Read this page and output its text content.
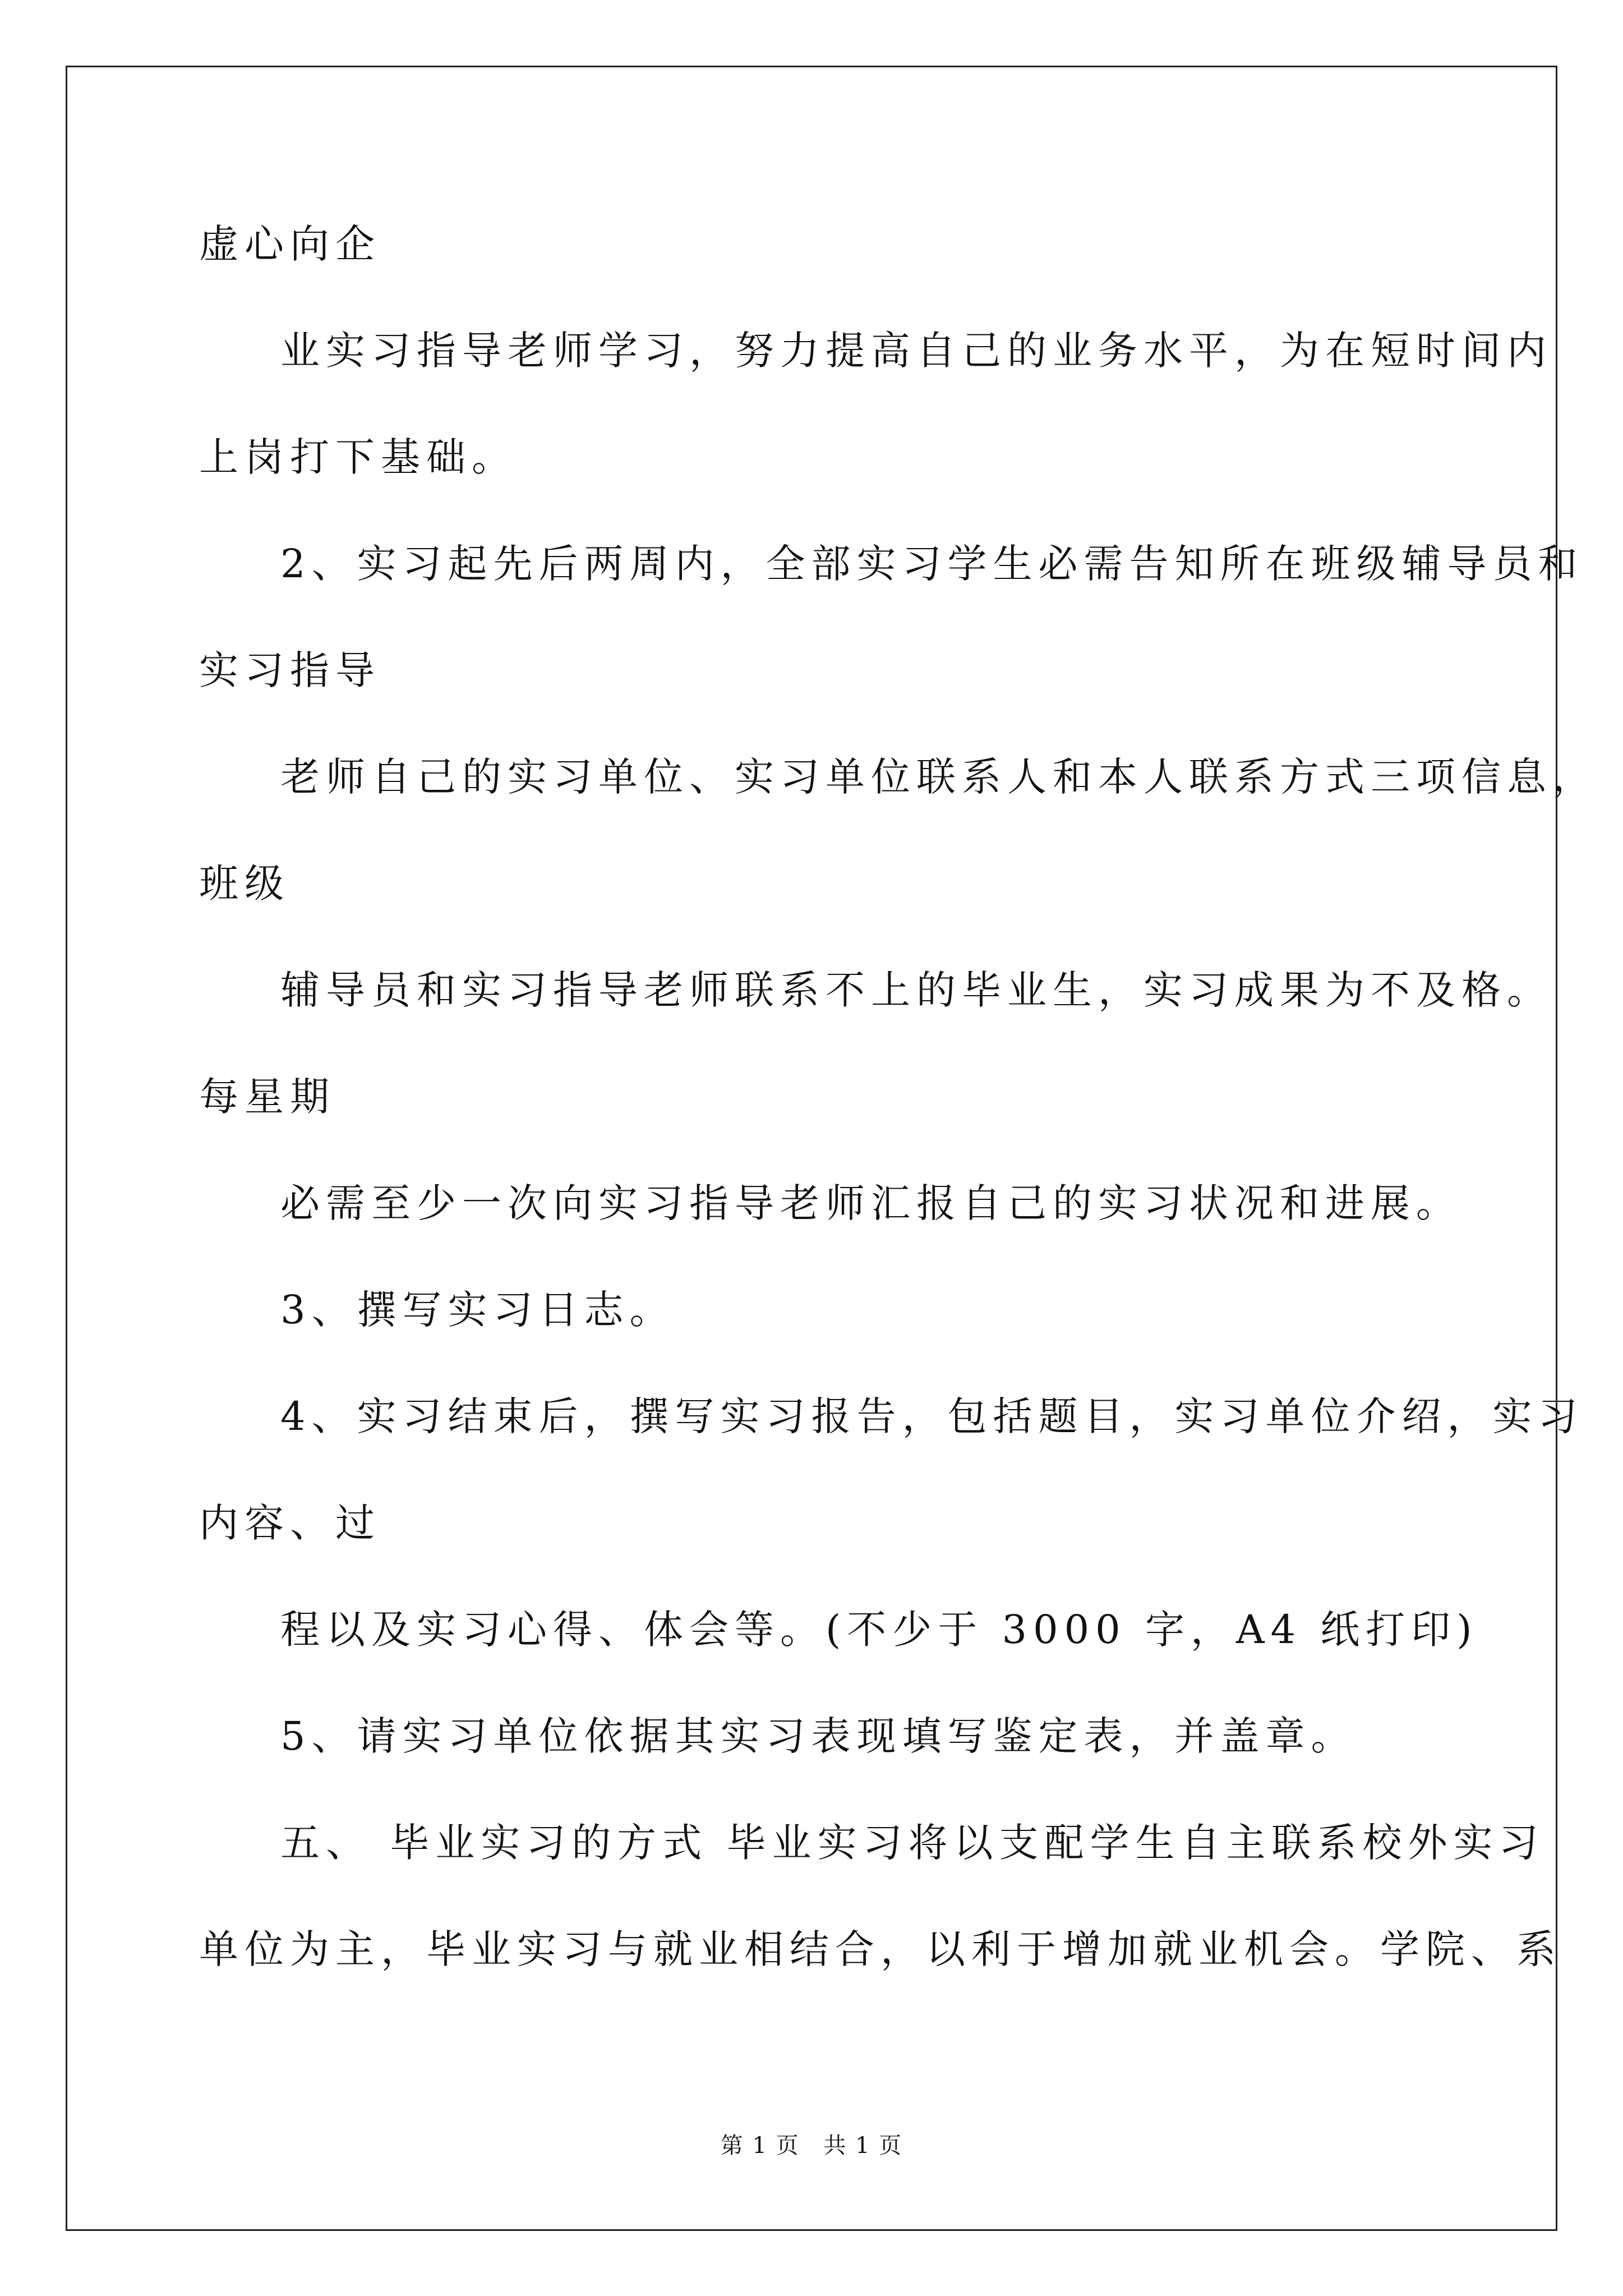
虚心向企
业实习指导老师学习，努力提高自己的业务水平，为在短时间内
上岗打下基础。
2、实习起先后两周内，全部实习学生必需告知所在班级辅导员和
实习指导
老师自己的实习单位、实习单位联系人和本人联系方式三项信息，
班级
辅导员和实习指导老师联系不上的毕业生，实习成果为不及格。
每星期
必需至少一次向实习指导老师汇报自己的实习状况和进展。
3、撰写实习日志。
4、实习结束后，撰写实习报告，包括题目，实习单位介绍，实习
内容、过
程以及实习心得、体会等。(不少于 3000 字，A4 纸打印)
5、请实习单位依据其实习表现填写鉴定表，并盖章。
五、 毕业实习的方式 毕业实习将以支配学生自主联系校外实习
单位为主，毕业实习与就业相结合，以利于增加就业机会。学院、系
第 1 页 共 1 页
